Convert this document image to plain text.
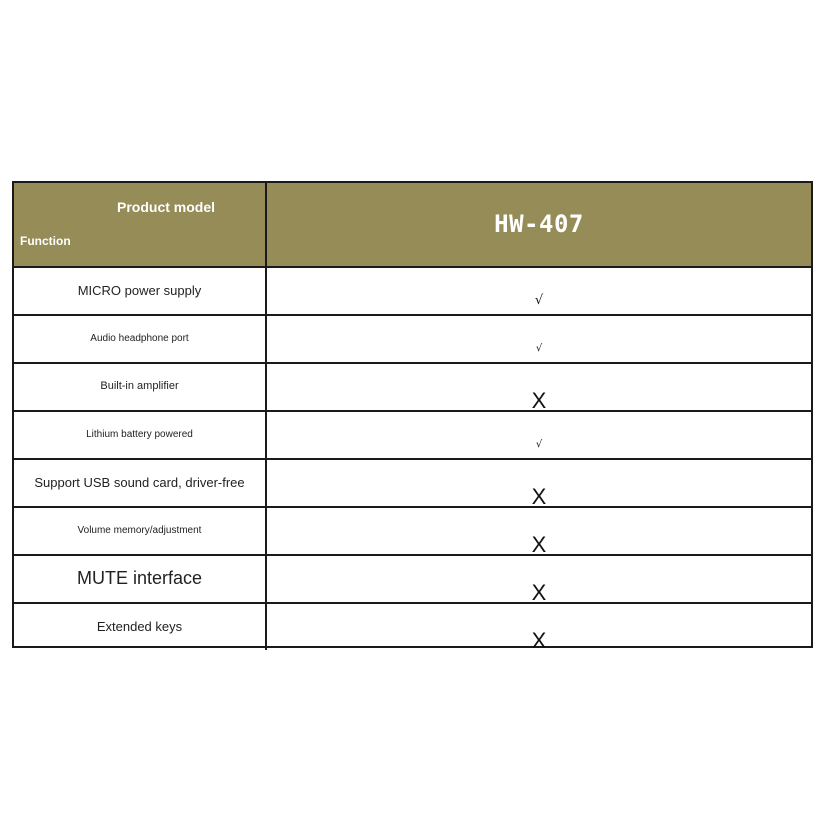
Product model
Function
HW-407
MICRO power supply
√
Audio headphone port
√
Built-in amplifier
X
Lithium battery powered
√
Support USB sound card, driver-free
X
Volume memory/adjustment
X
MUTE interface
X
Extended keys
X
